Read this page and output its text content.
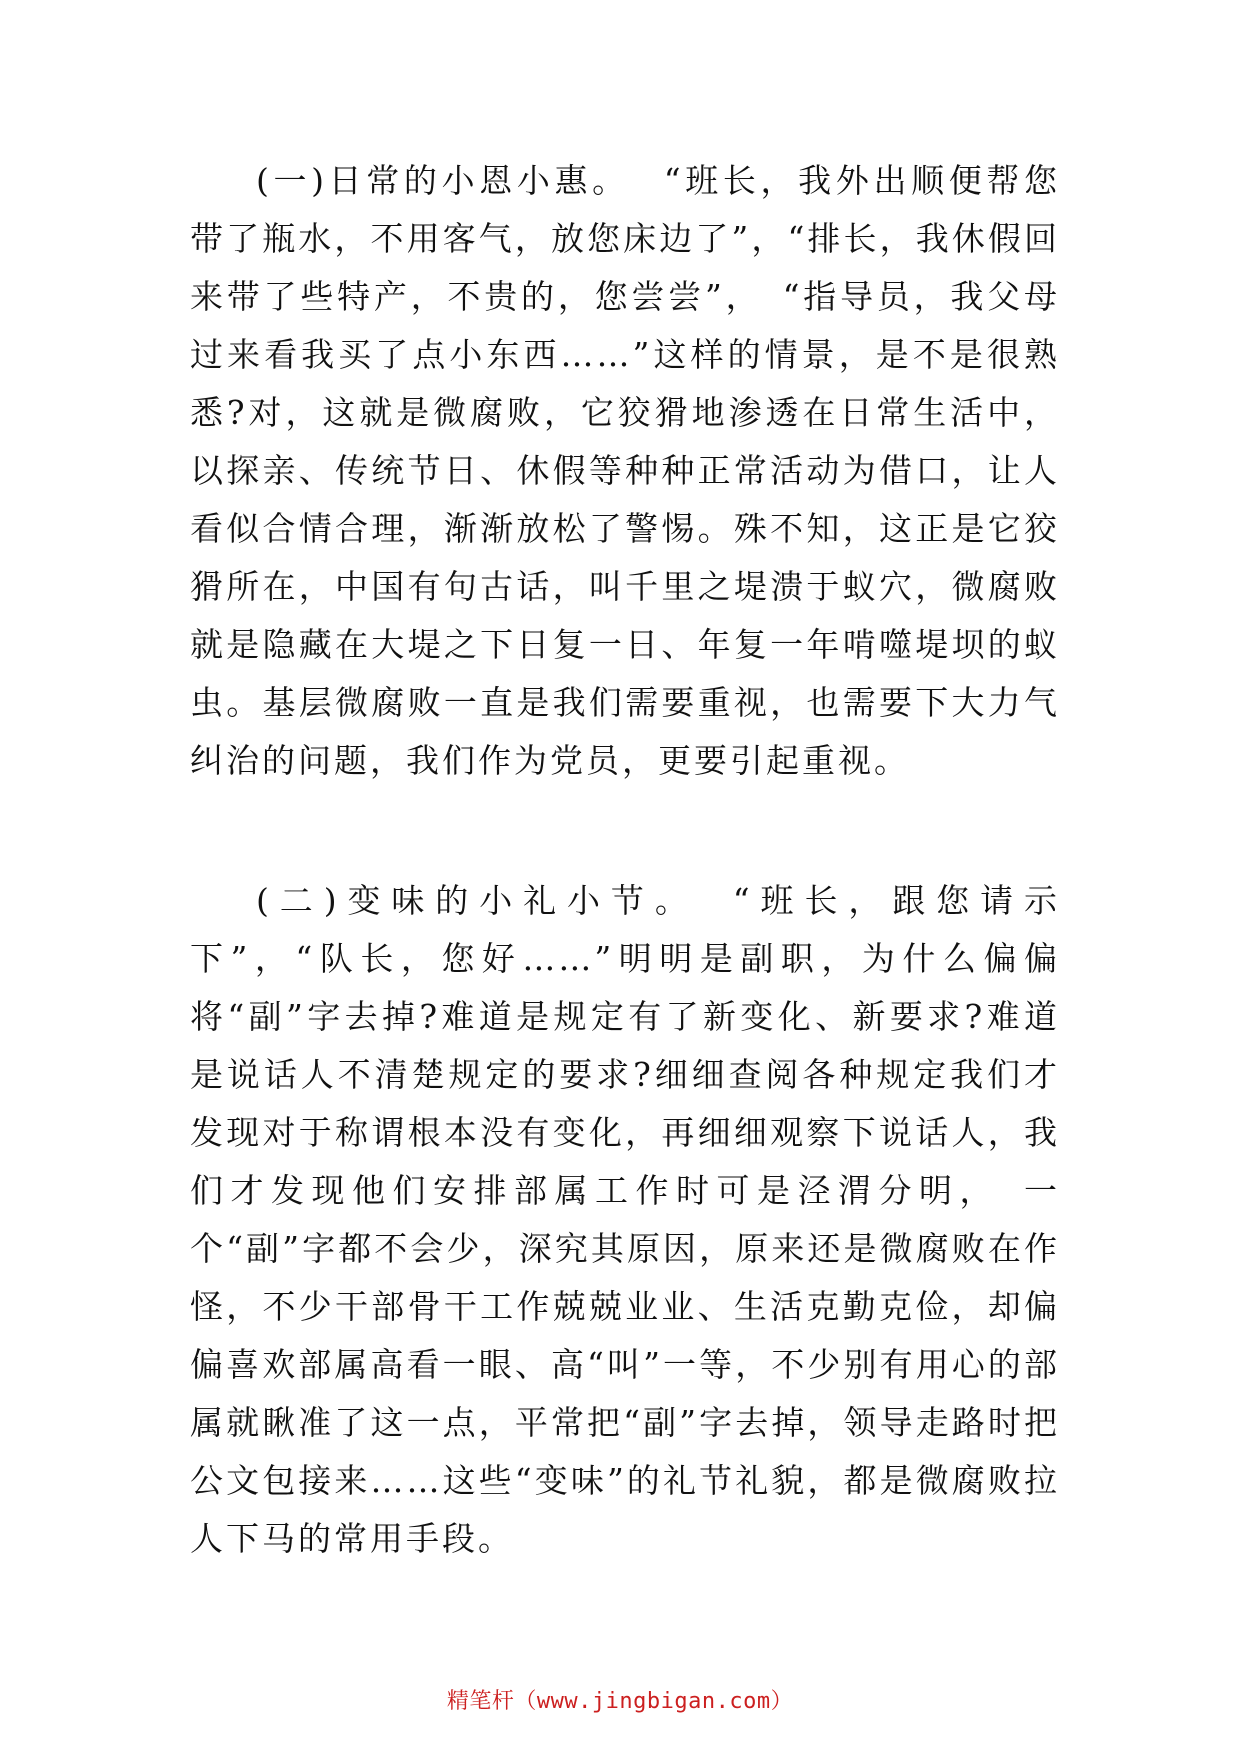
(一)日常的小恩小惠。 “班长，我外出顺便帮您带了瓶水，不用客气，放您床边了”，“排长，我休假回来带了些特产，不贵的，您尝尝”，　“指导员，我父母过来看我买了点小东西……”这样的情景，是不是很熟悉?对，这就是微腐败，它狡猾地渗透在日常生活中，以探亲、传统节日、休假等种种正常活动为借口，让人看似合情合理，渐渐放松了警惕。殊不知，这正是它狡猾所在，中国有句古话，叫千里之堤溃于蚁穴，微腐败就是隐藏在大堤之下日复一日、年复一年啃噬堤坝的蚁虫。基层微腐败一直是我们需要重视，也需要下大力气纠治的问题，我们作为党员，更要引起重视。

(二)变味的小礼小节。 “班长，跟您请示下”，“队长，您好……”明明是副职，为什么偏偏将“副”字去掉?难道是规定有了新变化、新要求?难道是说话人不清楚规定的要求?细细查阅各种规定我们才发现对于称谓根本没有变化，再细细观察下说话人，我们才发现他们安排部属工作时可是泾渭分明，　一个“副”字都不会少，深究其原因，原来还是微腐败在作怪，不少干部骨干工作兢兢业业、生活克勤克俭，却偏偏喜欢部属高看一眼、高“叫”一等，不少别有用心的部属就瞅准了这一点，平常把“副”字去掉，领导走路时把公文包接来……这些“变味”的礼节礼貌，都是微腐败拉人下马的常用手段。

精笔杆（www.jingbigan.com）
